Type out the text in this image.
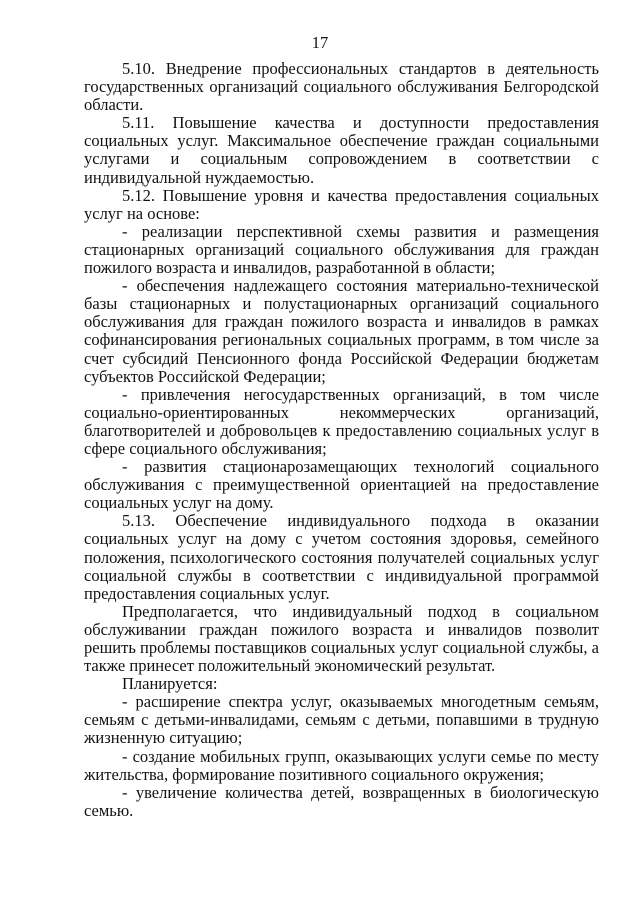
17

5.10. Внедрение профессиональных стандартов в деятельность государственных организаций социального обслуживания Белгородской области.

5.11. Повышение качества и доступности предоставления социальных услуг. Максимальное обеспечение граждан социальными услугами и социальным сопровождением в соответствии с индивидуальной нуждаемостью.

5.12. Повышение уровня и качества предоставления социальных услуг на основе:

- реализации перспективной схемы развития и размещения стационарных организаций социального обслуживания для граждан пожилого возраста и инвалидов, разработанной в области;

- обеспечения надлежащего состояния материально-технической базы стационарных и полустационарных организаций социального обслуживания для граждан пожилого возраста и инвалидов в рамках софинансирования региональных социальных программ, в том числе за счет субсидий Пенсионного фонда Российской Федерации бюджетам субъектов Российской Федерации;

- привлечения негосударственных организаций, в том числе социально-ориентированных некоммерческих организаций, благотворителей и добровольцев к предоставлению социальных услуг в сфере социального обслуживания;

- развития стационарозамещающих технологий социального обслуживания с преимущественной ориентацией на предоставление социальных услуг на дому.

5.13. Обеспечение индивидуального подхода в оказании социальных услуг на дому с учетом состояния здоровья, семейного положения, психологического состояния получателей социальных услуг социальной службы в соответствии с индивидуальной программой предоставления социальных услуг.

Предполагается, что индивидуальный подход в социальном обслуживании граждан пожилого возраста и инвалидов позволит решить проблемы поставщиков социальных услуг социальной службы, а также принесет положительный экономический результат.

Планируется:

- расширение спектра услуг, оказываемых многодетным семьям, семьям с детьми-инвалидами, семьям с детьми, попавшими в трудную жизненную ситуацию;

- создание мобильных групп, оказывающих услуги семье по месту жительства, формирование позитивного социального окружения;

- увеличение количества детей, возвращенных в биологическую семью.
